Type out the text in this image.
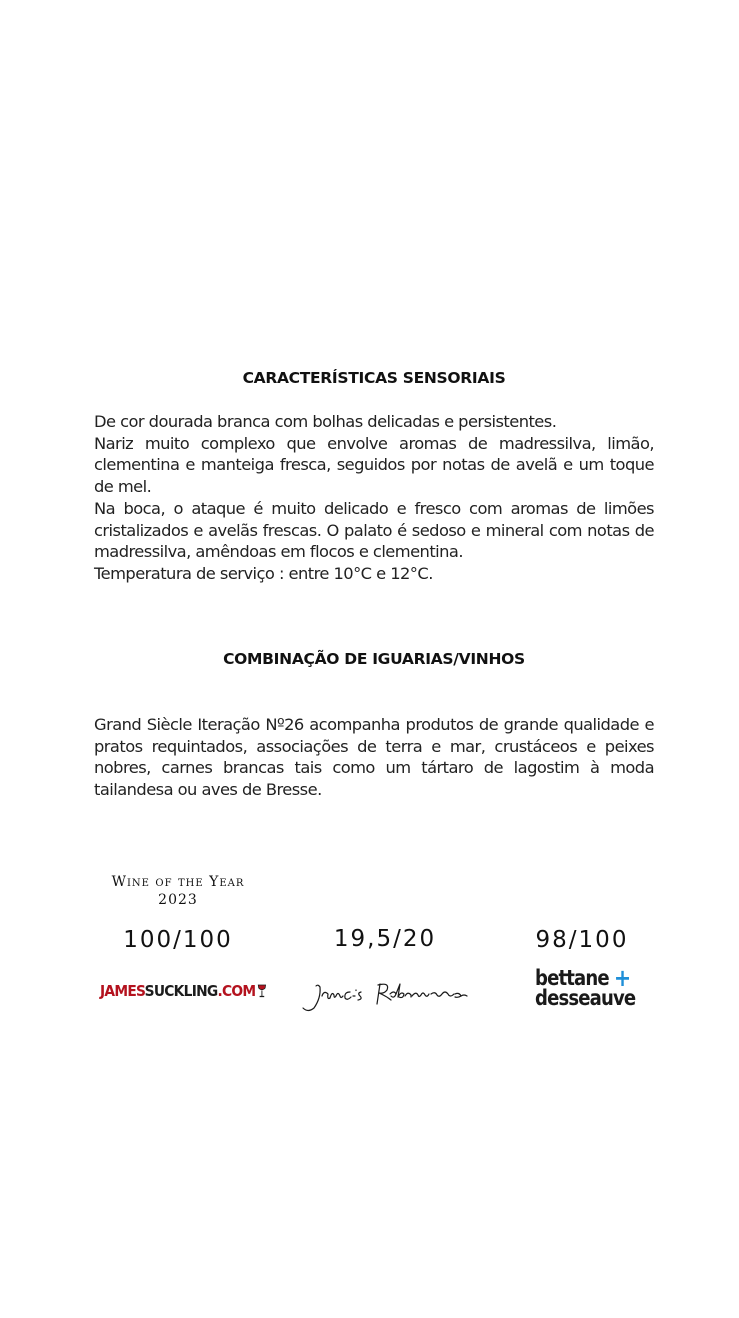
CARACTERÍSTICAS SENSORIAIS

De cor dourada branca com bolhas delicadas e persistentes.

Nariz muito complexo que envolve aromas de madressilva, limão, clementina e manteiga fresca, seguidos por notas de avelã e um toque de mel.

Na boca, o ataque é muito delicado e fresco com aromas de limões cristalizados e avelãs frescas. O palato é sedoso e mineral com notas de madressilva, amêndoas em flocos e clementina.

Temperatura de serviço : entre 10°C e 12°C.

COMBINAÇÃO DE IGUARIAS/VINHOS

Grand Siècle Iteração Nº26 acompanha produtos de grande qualidade e pratos requintados, associações de terra e mar, crustáceos e peixes nobres, carnes brancas tais como um tártaro de lagostim à moda tailandesa ou aves de Bresse.

Wine of the Year
2023
100/100	19,5/20	98/100
JAMESSUCKLING.COM
bettane +
desseauve
